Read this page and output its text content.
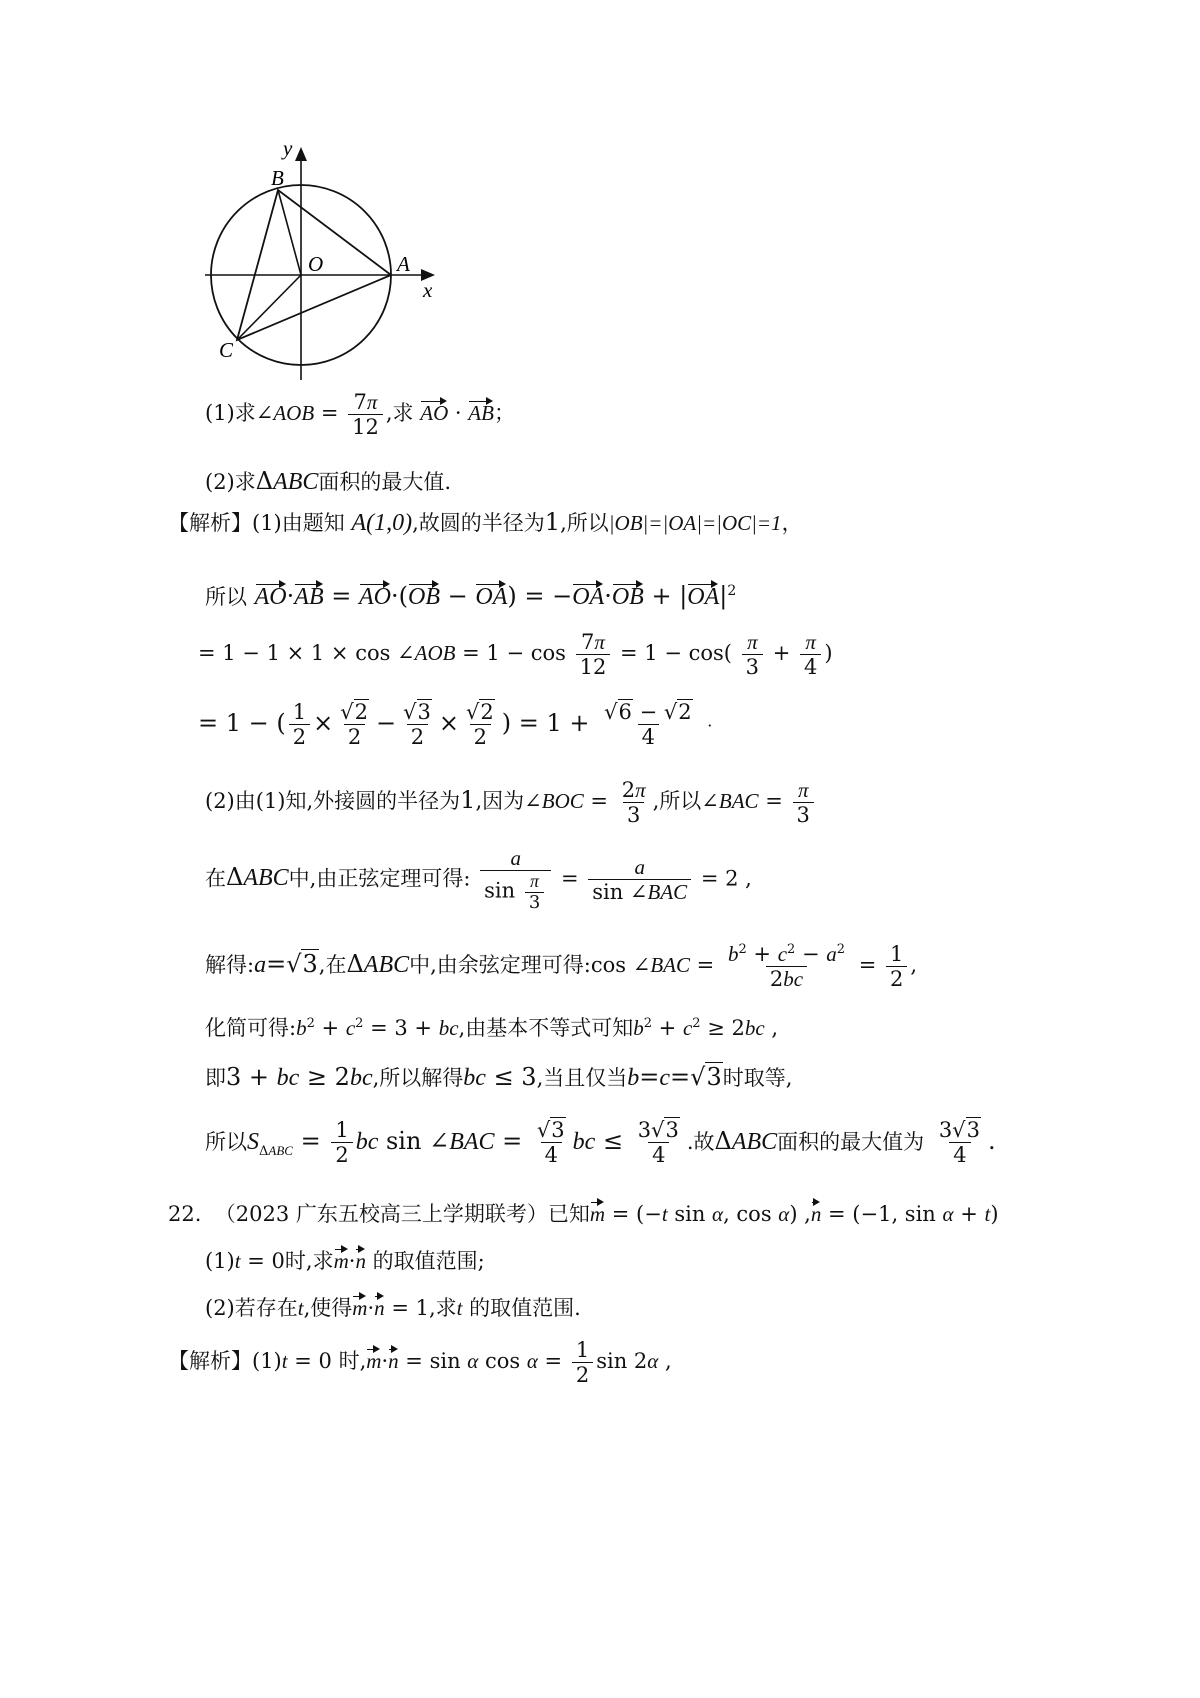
y
x
B
O	A
C
(1)求∠AOB = $\frac{7\pi}{12}$ ,求 AO · AB；
(2)求ΔABC面积的最大值.
【解析】(1)由题知 A(1,0),故圆的半径为1,所以|OB|=|OA|=|OC|=1，
所以 $AO\cdot AB = AO\cdot(OB - OA) = -OA\cdot OB + |OA|^2$
= 1 − 1 × 1 × cos ∠AOB = $1 - \cos \frac{7\pi}{12} = 1 - \cos( \frac{\pi}{3} + \frac{\pi}{4}$ )
= 1 − ( $\frac{1}{2} \times \frac{√2}{2} - \frac{√3}{2} \times \frac{√2}{2}$ ) = $1 + \frac{√6 - √2}{4}$ ·
(2)由(1)知,外接圆的半径为1,因为∠BOC = $\frac{2\pi}{3}$ ,所以∠BAC = $\frac{\pi}{3}$
在ΔABC中,由正弦定理可得: $\frac{a}{\sin \frac{\pi}{3}} = \frac{a}{\text{sin ∠BAC}} = 2$ ,
解得:a=√3,在ΔABC中,由余弦定理可得:cos ∠BAC = $\frac{b^2 + c^2 - a^2}{2bc} = \frac{1}{2}$ ,
化简可得$:b^2 + c^2 = 3$ + bc,由基本不等式可知$b^2 + c^2 \ge 2bc$ ,
即3 + bc ≥ 2bc,所以解得bc ≤ 3,当且仅当b=c=√3时取等,
所以$S_{\Delta ABC} = \frac{1}{2}$ bc sin ∠BAC = $\frac{√3}{4}$ bc ≤ $\frac{3√3}{4}$ .故ΔABC面积的最大值为 $\frac{3√3}{4}$ .
22. （2023 广东五校高三上学期联考）已知m = (−t sin α, cos α) ,n = (−1, sin α + t)
(1)t = 0时,求m·n 的取值范围;
(2)若存在t,使得m·n = 1,求t 的取值范围.
【解析】(1)t = 0 时,m·n = sin α $\cos \alpha = \frac{1}{2}$ sin 2α ,
